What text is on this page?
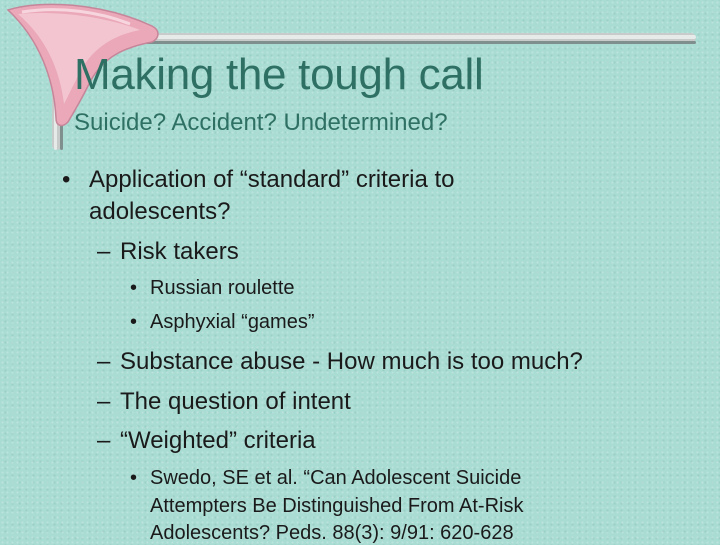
Making the tough call
Suicide? Accident? Undetermined?
• Application of “standard” criteria to
adolescents?
– Risk takers
• Russian roulette
• Asphyxial “games”
– Substance abuse - How much is too much?
– The question of intent
– “Weighted” criteria
• Swedo, SE et al. “Can Adolescent Suicide
Attempters Be Distinguished From At-Risk
Adolescents? Peds. 88(3): 9/91: 620-628
